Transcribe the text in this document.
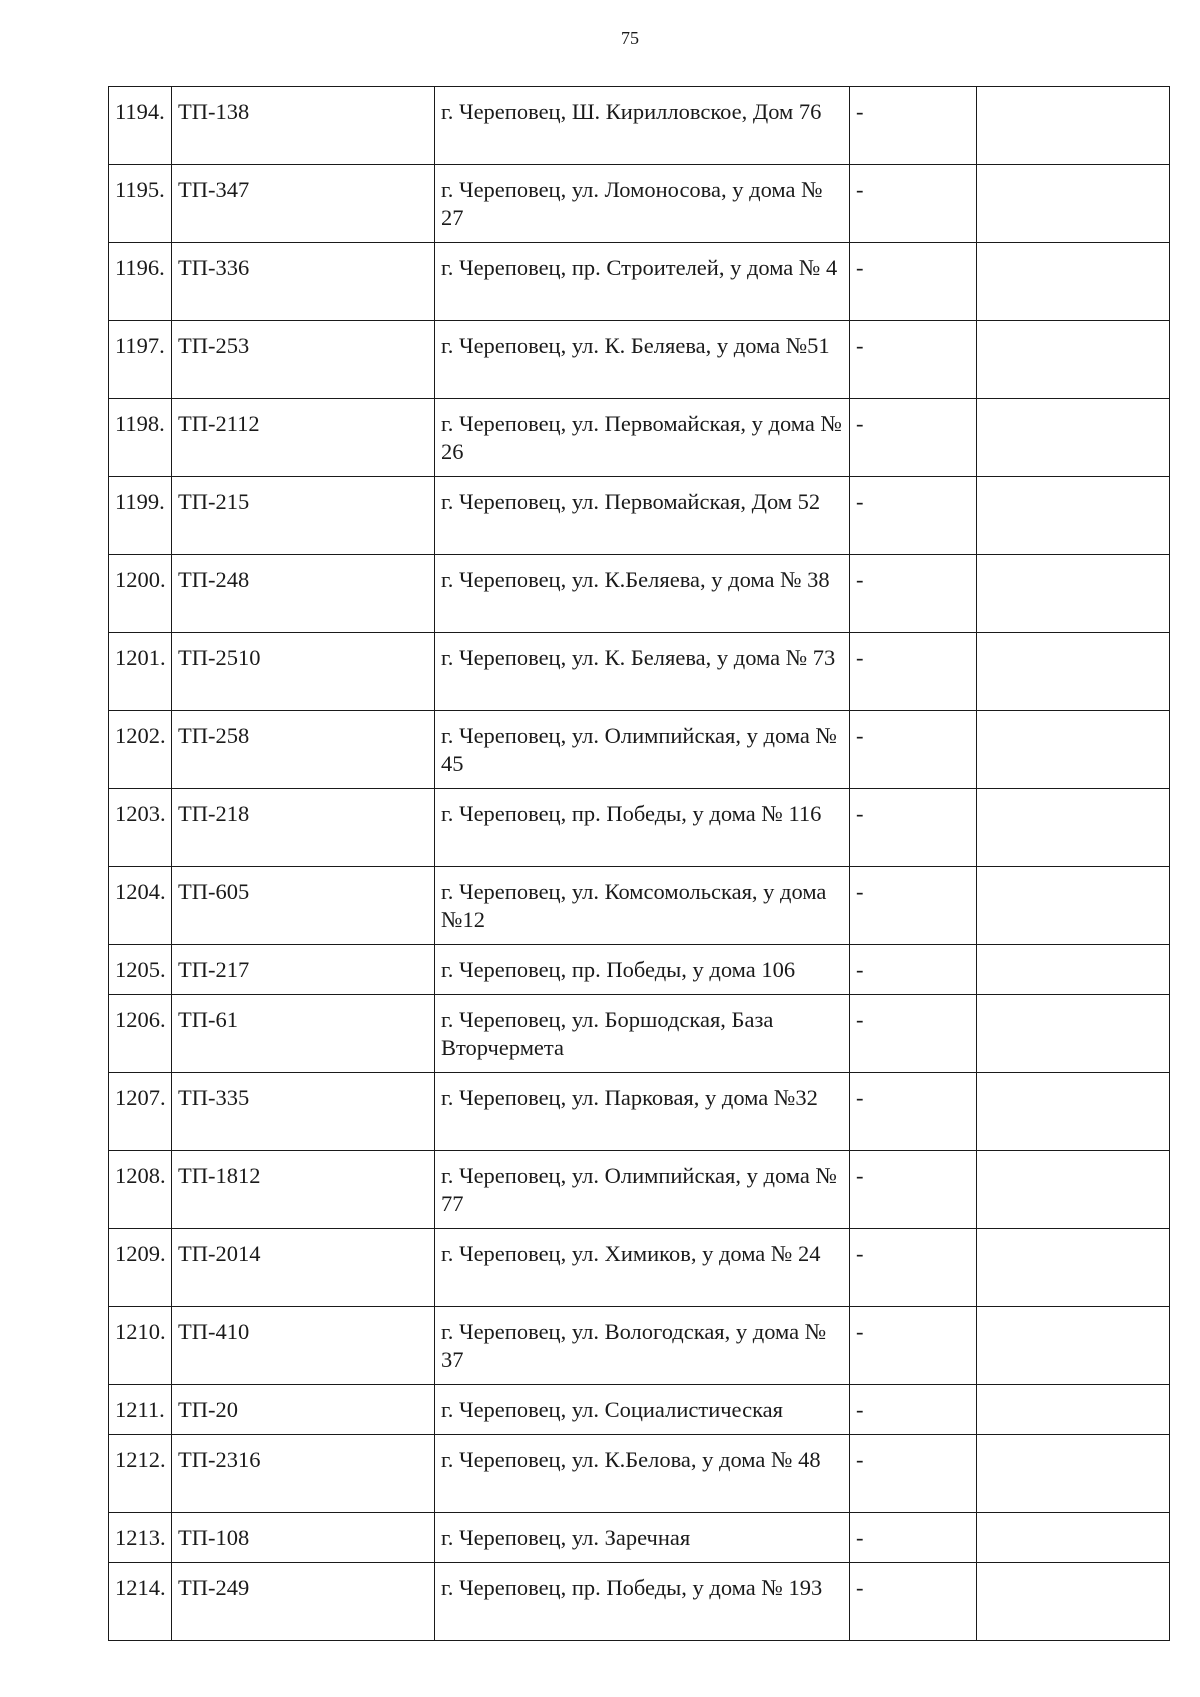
75
1194.	ТП-138	г. Череповец, Ш. Кирилловское, Дом 76	-	
1195.	ТП-347	г. Череповец, ул. Ломоносова, у дома № 27	-	
1196.	ТП-336	г. Череповец, пр. Строителей, у дома № 4	-	
1197.	ТП-253	г. Череповец, ул. К. Беляева, у дома №51	-	
1198.	ТП-2112	г. Череповец, ул. Первомайская, у дома № 26	-	
1199.	ТП-215	г. Череповец, ул. Первомайская, Дом 52	-	
1200.	ТП-248	г. Череповец, ул. К.Беляева, у дома № 38	-	
1201.	ТП-2510	г. Череповец, ул. К. Беляева, у дома № 73	-	
1202.	ТП-258	г. Череповец, ул. Олимпийская, у дома № 45	-	
1203.	ТП-218	г. Череповец, пр. Победы, у дома № 116	-	
1204.	ТП-605	г. Череповец, ул. Комсомольская, у дома №12	-	
1205.	ТП-217	г. Череповец, пр. Победы, у дома 106	-	
1206.	ТП-61	г. Череповец, ул. Боршодская, База Вторчермета	-	
1207.	ТП-335	г. Череповец, ул. Парковая, у дома №32	-	
1208.	ТП-1812	г. Череповец, ул. Олимпийская, у дома № 77	-	
1209.	ТП-2014	г. Череповец, ул. Химиков, у дома № 24	-	
1210.	ТП-410	г. Череповец, ул. Вологодская, у дома № 37	-	
1211.	ТП-20	г. Череповец, ул. Социалистическая	-	
1212.	ТП-2316	г. Череповец, ул. К.Белова, у дома № 48	-	
1213.	ТП-108	г. Череповец, ул. Заречная	-	
1214.	ТП-249	г. Череповец, пр. Победы, у дома № 193	-	
